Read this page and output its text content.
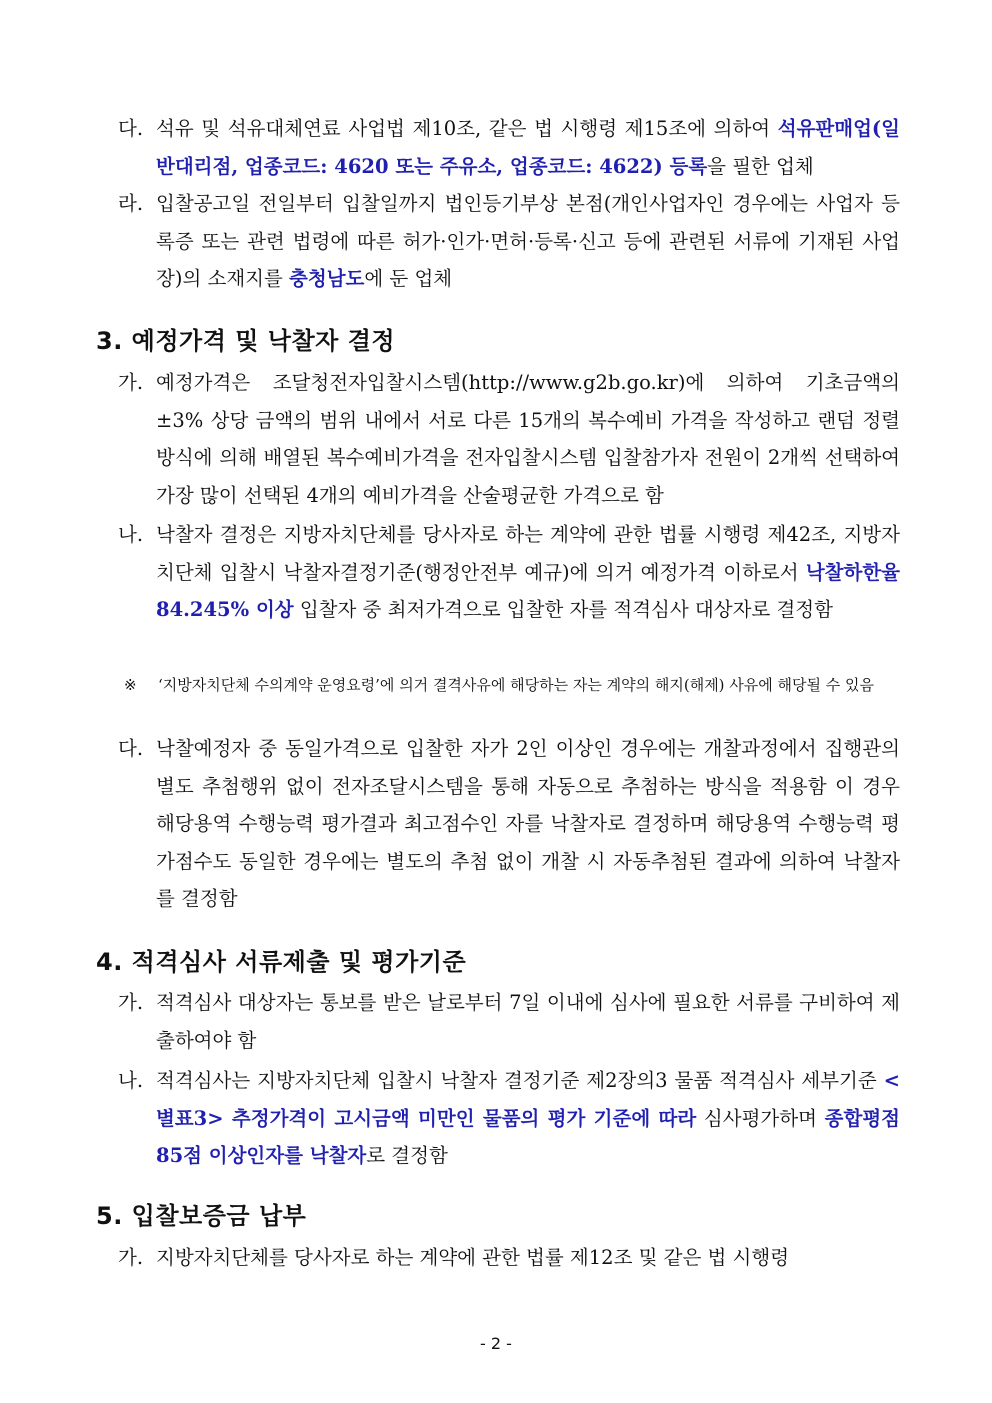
다. 석유 및 석유대체연료 사업법 제10조, 같은 법 시행령 제15조에 의하여 석유판매업(일반대리점, 업종코드: 4620 또는 주유소, 업종코드: 4622) 등록을 필한 업체
라. 입찰공고일 전일부터 입찰일까지 법인등기부상 본점(개인사업자인 경우에는 사업자 등록증 또는 관련 법령에 따른 허가·인가·면허·등록·신고 등에 관련된 서류에 기재된 사업장)의 소재지를 충청남도에 둔 업체
3. 예정가격 및 낙찰자 결정
가. 예정가격은 조달청전자입찰시스템(http://www.g2b.go.kr)에 의하여 기초금액의 ±3% 상당 금액의 범위 내에서 서로 다른 15개의 복수예비 가격을 작성하고 랜덤 정렬방식에 의해 배열된 복수예비가격을 전자입찰시스템 입찰참가자 전원이 2개씩 선택하여 가장 많이 선택된 4개의 예비가격을 산술평균한 가격으로 함
나. 낙찰자 결정은 지방자치단체를 당사자로 하는 계약에 관한 법률 시행령 제42조, 지방자치단체 입찰시 낙찰자결정기준(행정안전부 예규)에 의거 예정가격 이하로서 낙찰하한율 84.245% 이상 입찰자 중 최저가격으로 입찰한 자를 적격심사 대상자로 결정함
※	‘지방자치단체 수의계약 운영요령’에 의거 결격사유에 해당하는 자는 계약의 해지(해제) 사유에 해당될 수 있음
다. 낙찰예정자 중 동일가격으로 입찰한 자가 2인 이상인 경우에는 개찰과정에서 집행관의 별도 추첨행위 없이 전자조달시스템을 통해 자동으로 추첨하는 방식을 적용함 이 경우 해당용역 수행능력 평가결과 최고점수인 자를 낙찰자로 결정하며 해당용역 수행능력 평가점수도 동일한 경우에는 별도의 추첨 없이 개찰 시 자동추첨된 결과에 의하여 낙찰자를 결정함
4. 적격심사 서류제출 및 평가기준
가. 적격심사 대상자는 통보를 받은 날로부터 7일 이내에 심사에 필요한 서류를 구비하여 제출하여야 함
나. 적격심사는 지방자치단체 입찰시 낙찰자 결정기준 제2장의3 물품 적격심사 세부기준 <별표3> 추정가격이 고시금액 미만인 물품의 평가 기준에 따라 심사평가하며 종합평점 85점 이상인자를 낙찰자로 결정함
5. 입찰보증금 납부
가. 지방자치단체를 당사자로 하는 계약에 관한 법률 제12조 및 같은 법 시행령
- 2 -
